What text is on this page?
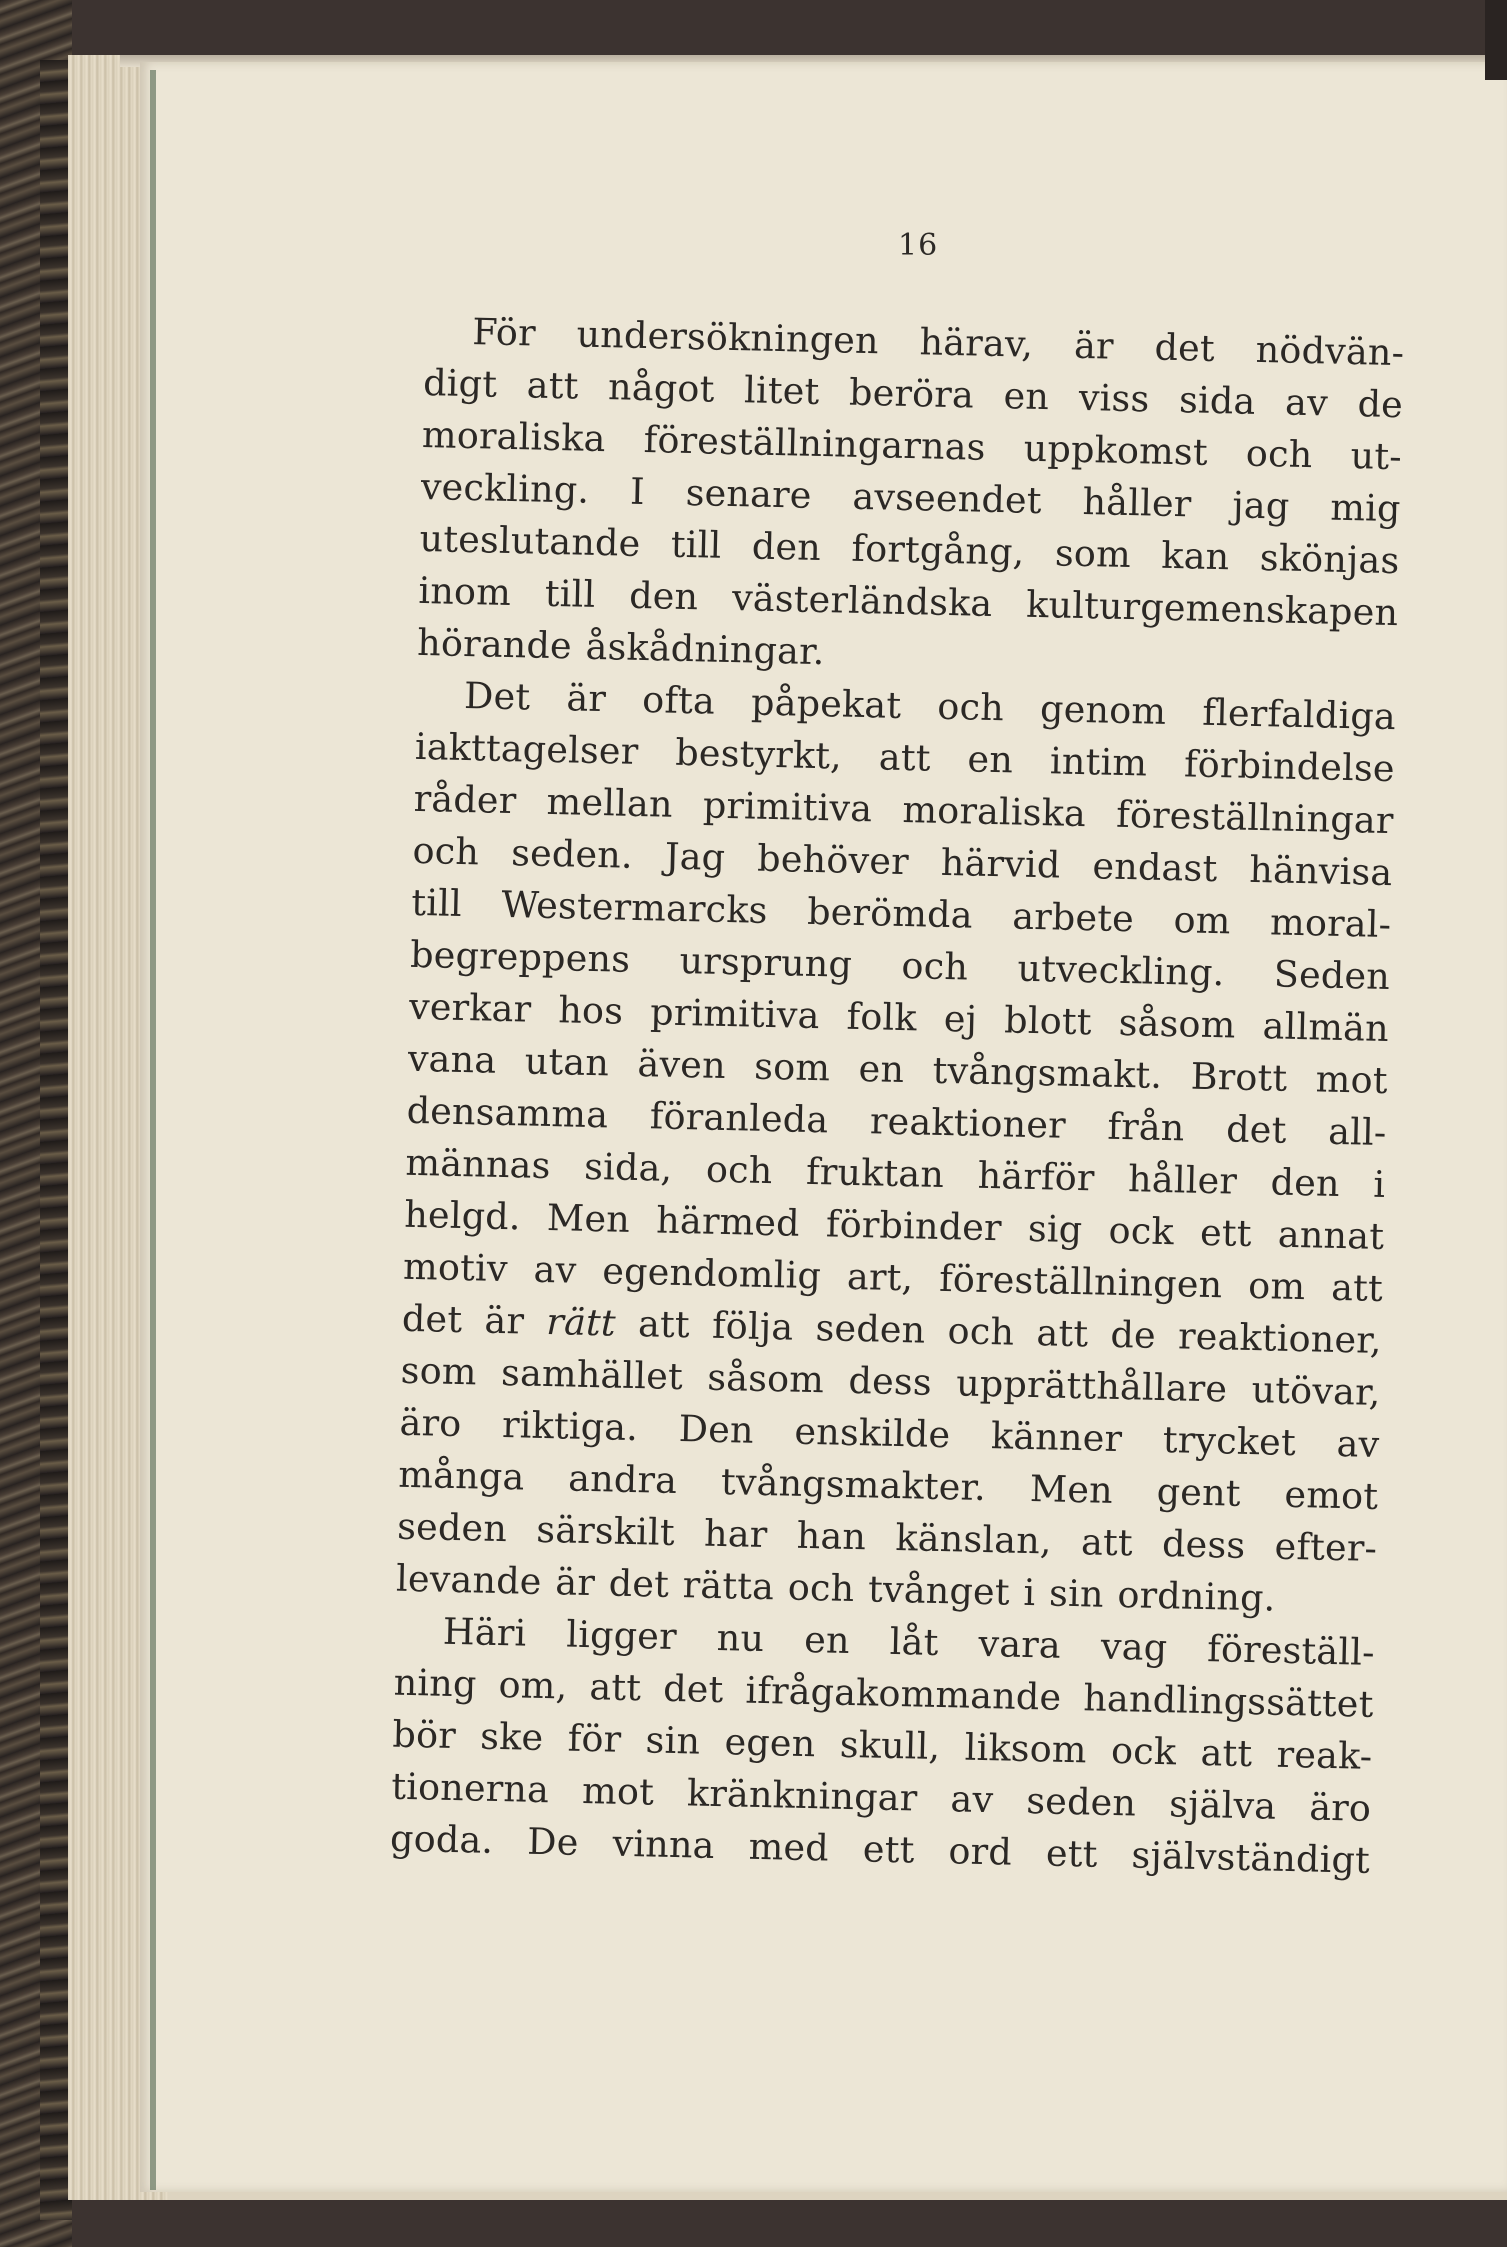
16
För undersökningen härav, är det nödvän-
digt att något litet beröra en viss sida av de
moraliska föreställningarnas uppkomst och ut-
veckling. I senare avseendet håller jag mig
uteslutande till den fortgång, som kan skönjas
inom till den västerländska kulturgemenskapen
hörande åskådningar.
Det är ofta påpekat och genom flerfaldiga
iakttagelser bestyrkt, att en intim förbindelse
råder mellan primitiva moraliska föreställningar
och seden. Jag behöver härvid endast hänvisa
till Westermarcks berömda arbete om moral-
begreppens ursprung och utveckling. Seden
verkar hos primitiva folk ej blott såsom allmän
vana utan även som en tvångsmakt. Brott mot
densamma föranleda reaktioner från det all-
männas sida, och fruktan härför håller den i
helgd. Men härmed förbinder sig ock ett annat
motiv av egendomlig art, föreställningen om att
det är rätt att följa seden och att de reaktioner,
som samhället såsom dess upprätthållare utövar,
äro riktiga. Den enskilde känner trycket av
många andra tvångsmakter. Men gent emot
seden särskilt har han känslan, att dess efter-
levande är det rätta och tvånget i sin ordning.
Häri ligger nu en låt vara vag föreställ-
ning om, att det ifrågakommande handlingssättet
bör ske för sin egen skull, liksom ock att reak-
tionerna mot kränkningar av seden själva äro
goda. De vinna med ett ord ett självständigt
